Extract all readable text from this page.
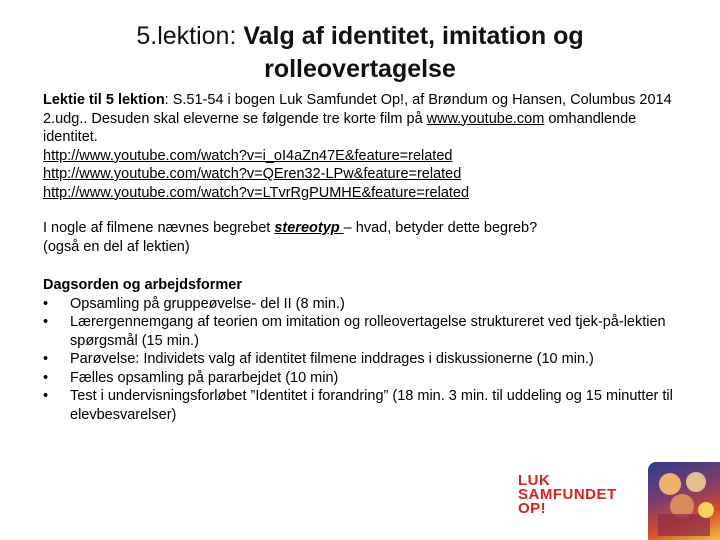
5.lektion: Valg af identitet, imitation og rolleovertagelse

Lektie til 5 lektion: S.51-54 i bogen Luk Samfundet Op!, af Brøndum og Hansen, Columbus 2014 2.udg.. Desuden skal eleverne se følgende tre korte film på www.youtube.com omhandlende identitet.

http://www.youtube.com/watch?v=i_oI4aZn47E&feature=related

http://www.youtube.com/watch?v=QEren32-LPw&feature=related

http://www.youtube.com/watch?v=LTvrRgPUMHE&feature=related

I nogle af filmene nævnes begrebet stereotyp – hvad, betyder dette begreb?

(også en del af lektien)

Dagsorden og arbejdsformer

• Opsamling på gruppeøvelse- del II (8 min.)
• Lærergennemgang af teorien om imitation og rolleovertagelse struktureret ved tjek-på-lektien spørgsmål (15 min.)
• Parøvelse: Individets valg af identitet filmene inddrages i diskussionerne (10 min.)
• Fælles opsamling på pararbejdet (10 min)
• Test i undervisningsforløbet ”Identitet i forandring” (18 min. 3 min. til uddeling og 15 minutter til elevbesvarelser)
LUK
SAMFUNDET
OP!
